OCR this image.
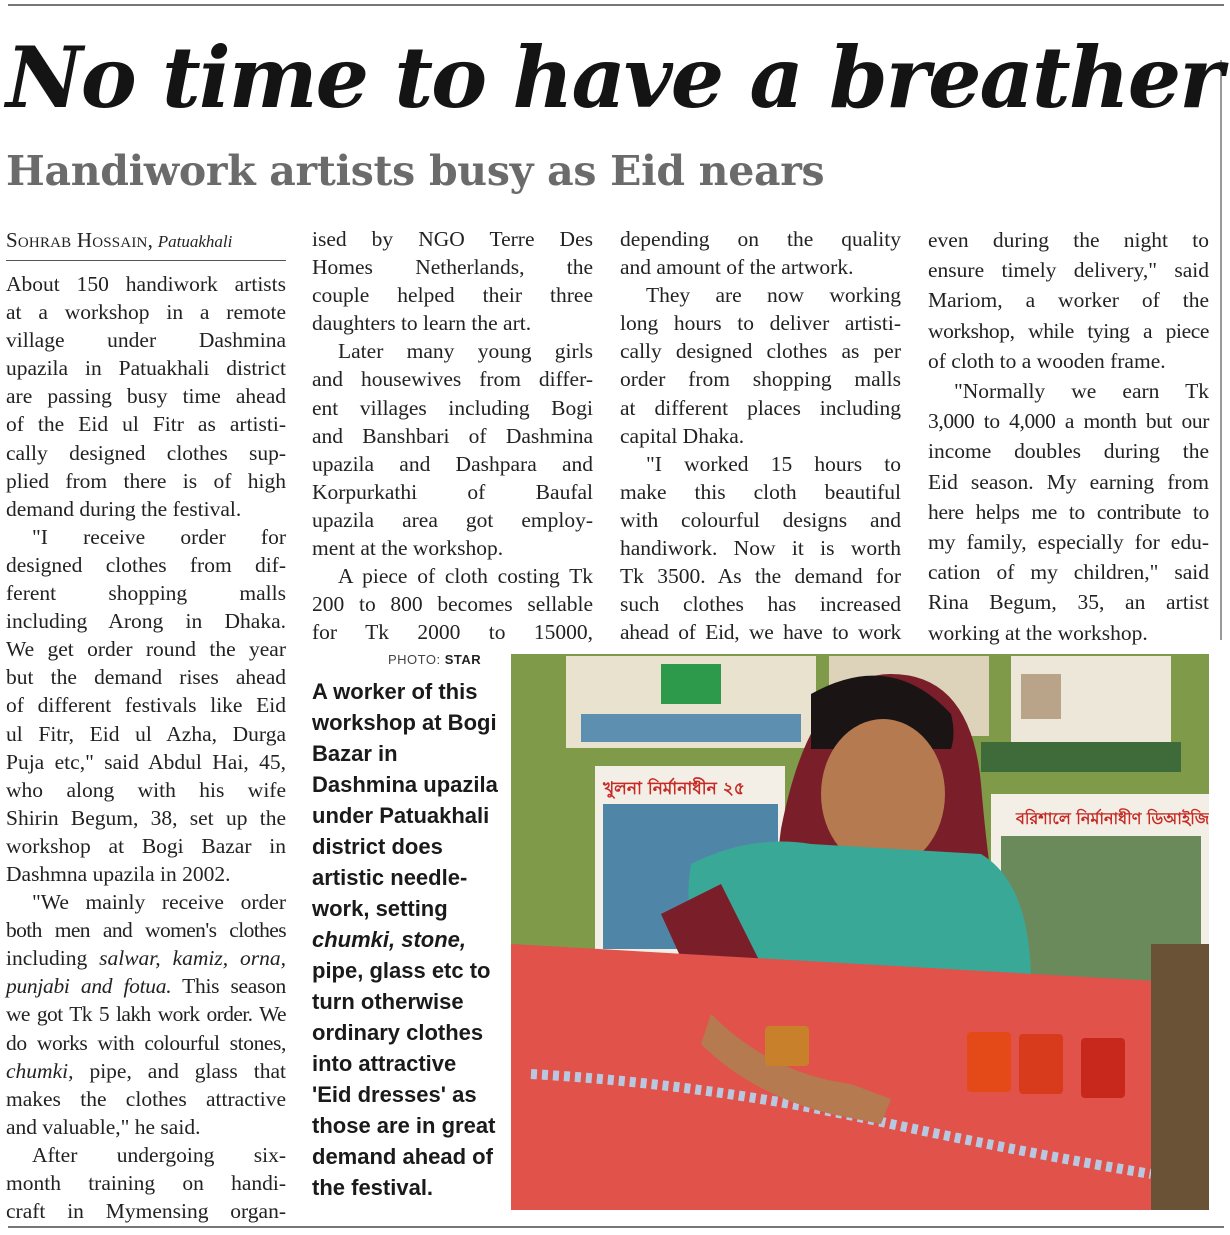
No time to have a breather
Handiwork artists busy as Eid nears
Sohrab Hossain, Patuakhali
About 150 handiwork artists
at a workshop in a remote
village under Dashmina
upazila in Patuakhali district
are passing busy time ahead
of the Eid ul Fitr as artisti-
cally designed clothes sup-
plied from there is of high
demand during the festival.
"I receive order for
designed clothes from dif-
ferent shopping malls
including Arong in Dhaka.
We get order round the year
but the demand rises ahead
of different festivals like Eid
ul Fitr, Eid ul Azha, Durga
Puja etc," said Abdul Hai, 45,
who along with his wife
Shirin Begum, 38, set up the
workshop at Bogi Bazar in
Dashmna upazila in 2002.
"We mainly receive order
both men and women's clothes
including salwar, kamiz, orna,
punjabi and fotua. This season
we got Tk 5 lakh work order. We
do works with colourful stones,
chumki, pipe, and glass that
makes the clothes attractive
and valuable," he said.
After undergoing six-
month training on handi-
craft in Mymensing organ-
ised by NGO Terre Des
Homes Netherlands, the
couple helped their three
daughters to learn the art.
Later many young girls
and housewives from differ-
ent villages including Bogi
and Banshbari of Dashmina
upazila and Dashpara and
Korpurkathi of Baufal
upazila area got employ-
ment at the workshop.
A piece of cloth costing Tk
200 to 800 becomes sellable
for Tk 2000 to 15000,
depending on the quality
and amount of the artwork.
They are now working
long hours to deliver artisti-
cally designed clothes as per
order from shopping malls
at different places including
capital Dhaka.
"I worked 15 hours to
make this cloth beautiful
with colourful designs and
handiwork. Now it is worth
Tk 3500. As the demand for
such clothes has increased
ahead of Eid, we have to work
even during the night to
ensure timely delivery," said
Mariom, a worker of the
workshop, while tying a piece
of cloth to a wooden frame.
"Normally we earn Tk
3,000 to 4,000 a month but our
income doubles during the
Eid season. My earning from
here helps me to contribute to
my family, especially for edu-
cation of my children," said
Rina Begum, 35, an artist
working at the workshop.
PHOTO: STAR
A worker of this
workshop at Bogi
Bazar in
Dashmina upazila
under Patuakhali
district does
artistic needle-
work, setting
chumki, stone,
pipe, glass etc to
turn otherwise
ordinary clothes
into attractive
'Eid dresses' as
those are in great
demand ahead of
the festival.
খুলনা নির্মানাধীন ২৫
বরিশালে নির্মানাধীণ ডিআইজি
